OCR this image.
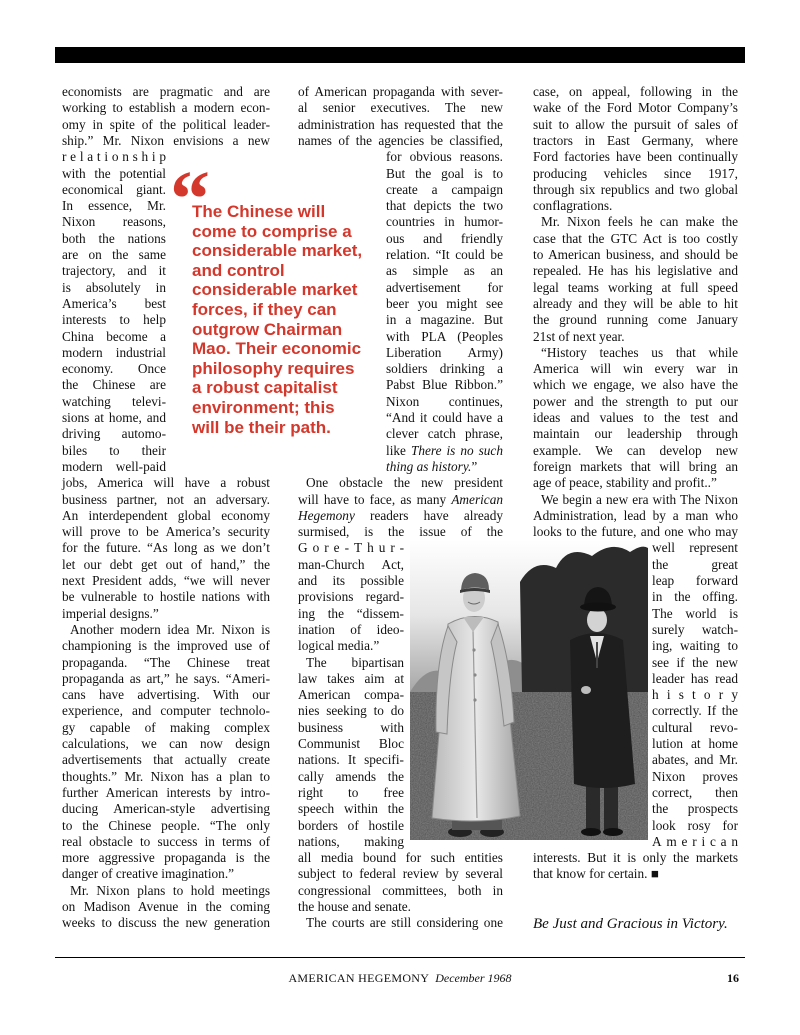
“
Be Just and Gracious in Victory.
AMERICAN HEGEMONY December 1968	16
economists are pragmatic and are
working to establish a modern econ-
omy in spite of the political leader-
ship.” Mr. Nixon envisions a new
relationship
with the potential
economical giant.
In essence, Mr.
Nixon reasons,
both the nations
are on the same
trajectory, and it
is absolutely in
America’s best
interests to help
China become a
modern industrial
economy. Once
the Chinese are
watching televi-
sions at home, and
driving automo-
biles to their
modern well-paid
jobs, America will have a robust
business partner, not an adversary.
An interdependent global economy
will prove to be America’s security
for the future. “As long as we don’t
let our debt get out of hand,” the
next President adds, “we will never
be vulnerable to hostile nations with
imperial designs.”
Another modern idea Mr. Nixon is
championing is the improved use of
propaganda. “The Chinese treat
propaganda as art,” he says. “Ameri-
cans have advertising. With our
experience, and computer technolo-
gy capable of making complex
calculations, we can now design
advertisements that actually create
thoughts.” Mr. Nixon has a plan to
further American interests by intro-
ducing American-style advertising
to the Chinese people. “The only
real obstacle to success in terms of
more aggressive propaganda is the
danger of creative imagination.”
Mr. Nixon plans to hold meetings
on Madison Avenue in the coming
weeks to discuss the new generation
of American propaganda with sever-
al senior executives. The new
administration has requested that the
names of the agencies be classified,
for obvious reasons.
But the goal is to
create a campaign
that depicts the two
countries in humor-
ous and friendly
relation. “It could be
as simple as an
advertisement for
beer you might see
in a magazine. But
with PLA (Peoples
Liberation Army)
soldiers drinking a
Pabst Blue Ribbon.”
Nixon continues,
“And it could have a
clever catch phrase,
like There is no such
thing as history.”
One obstacle the new president
will have to face, as many American
Hegemony readers have already
surmised, is the issue of the
Gore-Thur-
man-Church Act,
and its possible
provisions regard-
ing the “dissem-
ination of ideo-
logical media.”
The bipartisan
law takes aim at
American compa-
nies seeking to do
business with
Communist Bloc
nations. It specifi-
cally amends the
right to free
speech within the
borders of hostile
nations, making
all media bound for such entities
subject to federal review by several
congressional committees, both in
the house and senate.
The courts are still considering one
case, on appeal, following in the
wake of the Ford Motor Company’s
suit to allow the pursuit of sales of
tractors in East Germany, where
Ford factories have been continually
producing vehicles since 1917,
through six republics and two global
conflagrations.
Mr. Nixon feels he can make the
case that the GTC Act is too costly
to American business, and should be
repealed. He has his legislative and
legal teams working at full speed
already and they will be able to hit
the ground running come January
21st of next year.
“History teaches us that while
America will win every war in
which we engage, we also have the
power and the strength to put our
ideas and values to the test and
maintain our leadership through
example. We can develop new
foreign markets that will bring an
age of peace, stability and profit..”
We begin a new era with The Nixon
Administration, lead by a man who
looks to the future, and one who may
well represent
the great
leap forward
in the offing.
The world is
surely watch-
ing, waiting to
see if the new
leader has read
history
correctly. If the
cultural revo-
lution at home
abates, and Mr.
Nixon proves
correct, then
the prospects
look rosy for
American
interests. But it is only the markets
that know for certain. ■
The Chinese will
come to comprise a
considerable market,
and control
considerable market
forces, if they can
outgrow Chairman
Mao. Their economic
philosophy requires
a robust capitalist
environment; this
will be their path.
